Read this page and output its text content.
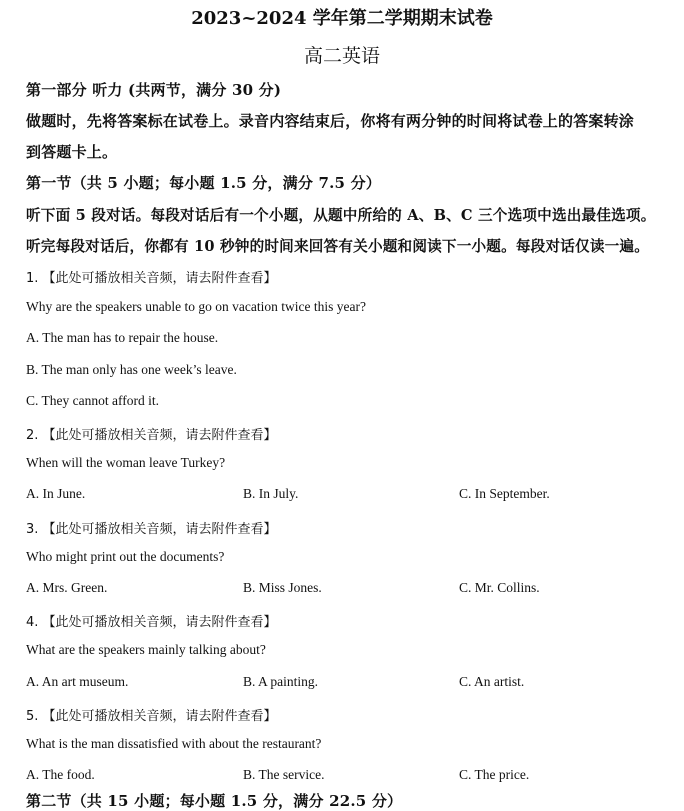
2023~2024 学年第二学期期末试卷
高二英语
第一部分 听力 (共两节，满分 30 分)
做题时，先将答案标在试卷上。录音内容结束后，你将有两分钟的时间将试卷上的答案转涂
到答题卡上。
第一节（共 5 小题；每小题 1.5 分，满分 7.5 分）
听下面 5 段对话。每段对话后有一个小题，从题中所给的 A、B、C 三个选项中选出最佳选项。
听完每段对话后，你都有 10 秒钟的时间来回答有关小题和阅读下一小题。每段对话仅读一遍。
1. 【此处可播放相关音频，请去附件查看】
Why are the speakers unable to go on vacation twice this year?
A. The man has to repair the house.
B. The man only has one week’s leave.
C. They cannot afford it.
2. 【此处可播放相关音频，请去附件查看】
When will the woman leave Turkey?
A. In June.	B. In July.	C. In September.
3. 【此处可播放相关音频，请去附件查看】
Who might print out the documents?
A. Mrs. Green.	B. Miss Jones.	C. Mr. Collins.
4. 【此处可播放相关音频，请去附件查看】
What are the speakers mainly talking about?
A. An art museum.	B. A painting.	C. An artist.
5. 【此处可播放相关音频，请去附件查看】
What is the man dissatisfied with about the restaurant?
A. The food.	B. The service.	C. The price.
第二节（共 15 小题；每小题 1.5 分，满分 22.5 分）
